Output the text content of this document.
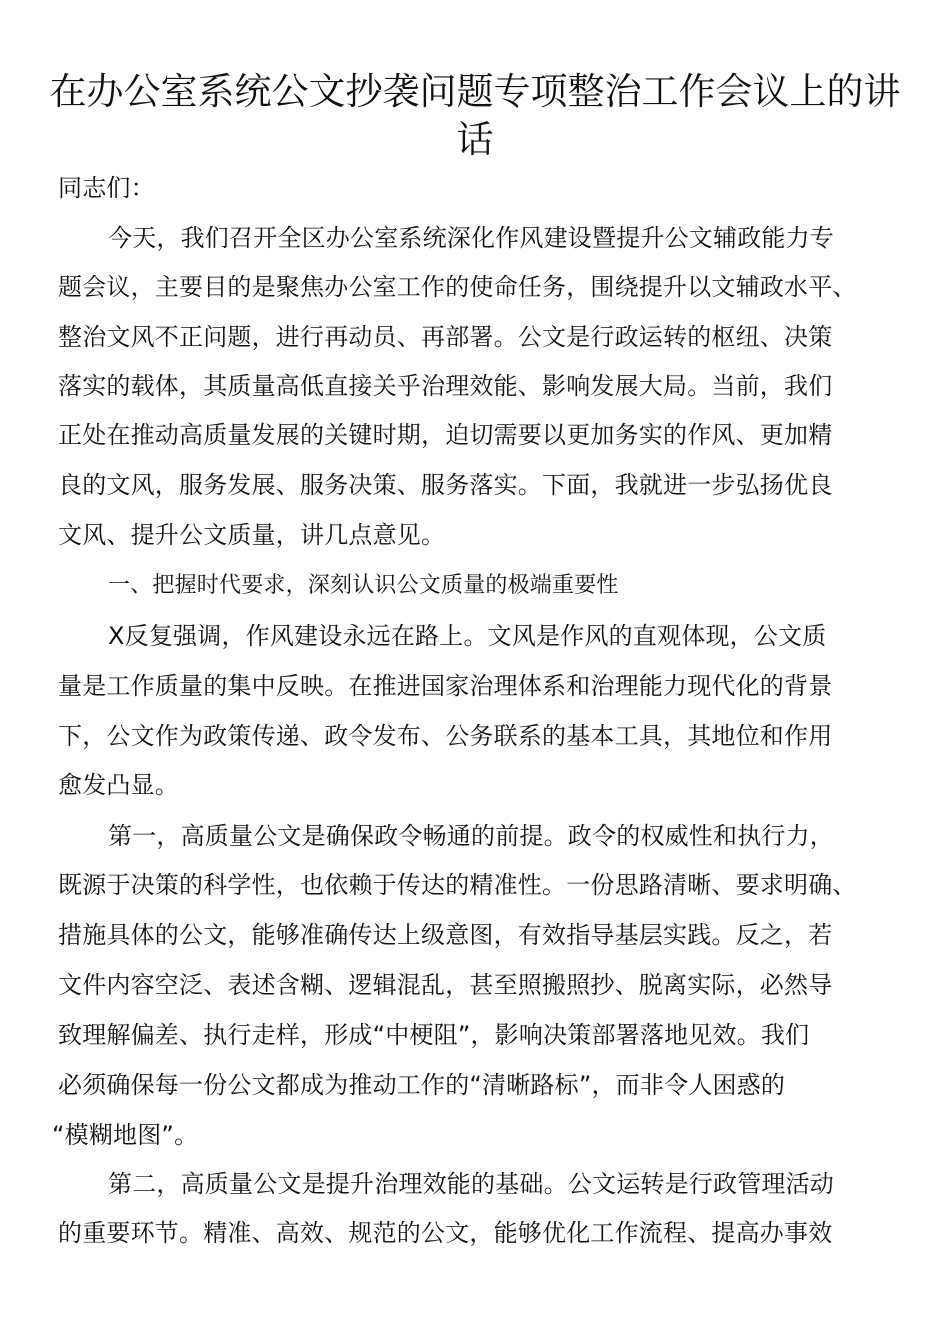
在办公室系统公文抄袭问题专项整治工作会议上的讲
话
同志们：
今天，我们召开全区办公室系统深化作风建设暨提升公文辅政能力专
题会议，主要目的是聚焦办公室工作的使命任务，围绕提升以文辅政水平、
整治文风不正问题，进行再动员、再部署。公文是行政运转的枢纽、决策
落实的载体，其质量高低直接关乎治理效能、影响发展大局。当前，我们
正处在推动高质量发展的关键时期，迫切需要以更加务实的作风、更加精
良的文风，服务发展、服务决策、服务落实。下面，我就进一步弘扬优良
文风、提升公文质量，讲几点意见。
一、把握时代要求，深刻认识公文质量的极端重要性
X反复强调，作风建设永远在路上。文风是作风的直观体现，公文质
量是工作质量的集中反映。在推进国家治理体系和治理能力现代化的背景
下，公文作为政策传递、政令发布、公务联系的基本工具，其地位和作用
愈发凸显。
第一，高质量公文是确保政令畅通的前提。政令的权威性和执行力，
既源于决策的科学性，也依赖于传达的精准性。一份思路清晰、要求明确、
措施具体的公文，能够准确传达上级意图，有效指导基层实践。反之，若
文件内容空泛、表述含糊、逻辑混乱，甚至照搬照抄、脱离实际，必然导
致理解偏差、执行走样，形成“中梗阻”，影响决策部署落地见效。我们
必须确保每一份公文都成为推动工作的“清晰路标”，而非令人困惑的
“模糊地图”。
第二，高质量公文是提升治理效能的基础。公文运转是行政管理活动
的重要环节。精准、高效、规范的公文，能够优化工作流程、提高办事效
